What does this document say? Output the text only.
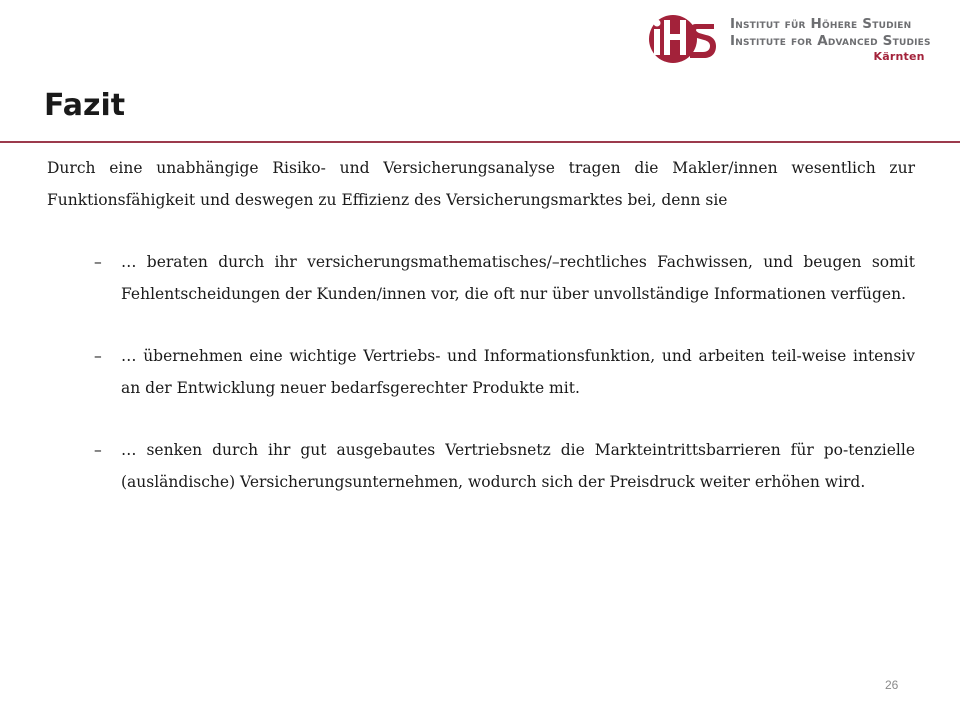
Institut für Höhere Studien
Institute for Advanced Studies
Kärnten
Fazit

Durch eine unabhängige Risiko- und Versicherungsanalyse tragen die Makler/innen wesentlich zur Funktionsfähigkeit und deswegen zu Effizienz des Versicherungsmarktes bei, denn sie

– … beraten durch ihr versicherungsmathematisches/–rechtliches Fachwissen, und beugen somit Fehlentscheidungen der Kunden/innen vor, die oft nur über unvollständige Informationen verfügen.
– … übernehmen eine wichtige Vertriebs- und Informationsfunktion, und arbeiten teil-weise intensiv an der Entwicklung neuer bedarfsgerechter Produkte mit.
– … senken durch ihr gut ausgebautes Vertriebsnetz die Markteintrittsbarrieren für po-tenzielle (ausländische) Versicherungsunternehmen, wodurch sich der Preisdruck weiter erhöhen wird.
26
